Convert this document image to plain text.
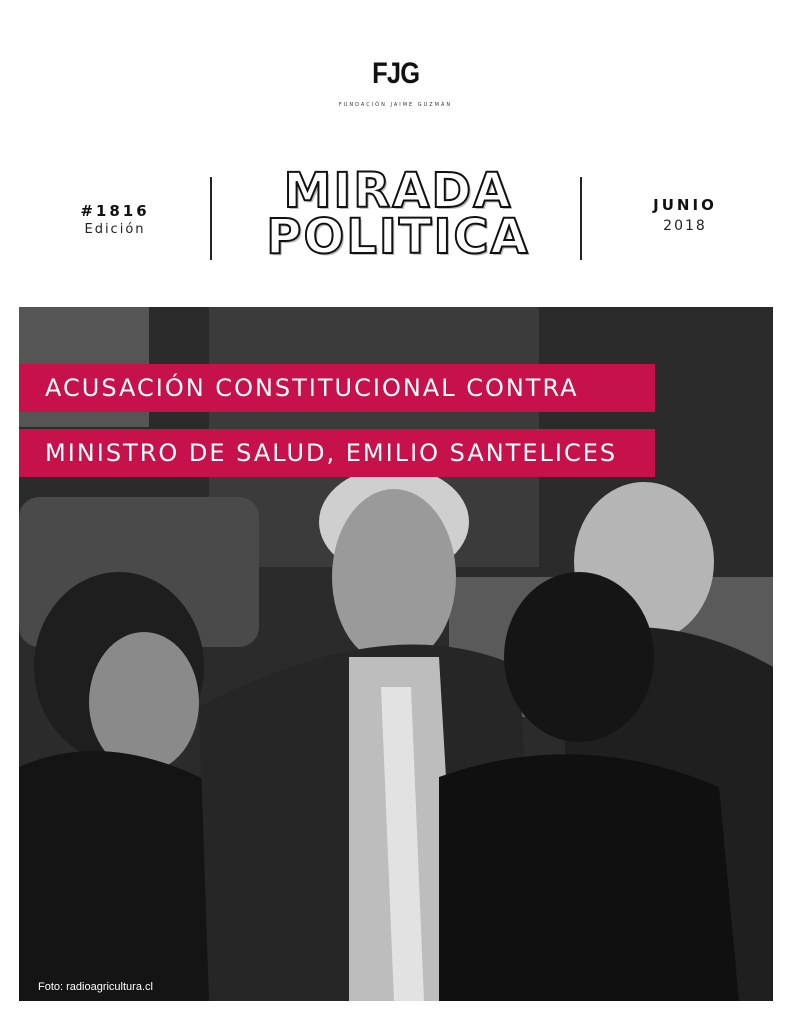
FJG
FUNDACIÓN JAIME GUZMÁN
#1816
Edición
MIRADA
POLITICA
JUNIO
2018
ACUSACIÓN CONSTITUCIONAL CONTRA
MINISTRO DE SALUD, EMILIO SANTELICES
Foto: radioagricultura.cl
